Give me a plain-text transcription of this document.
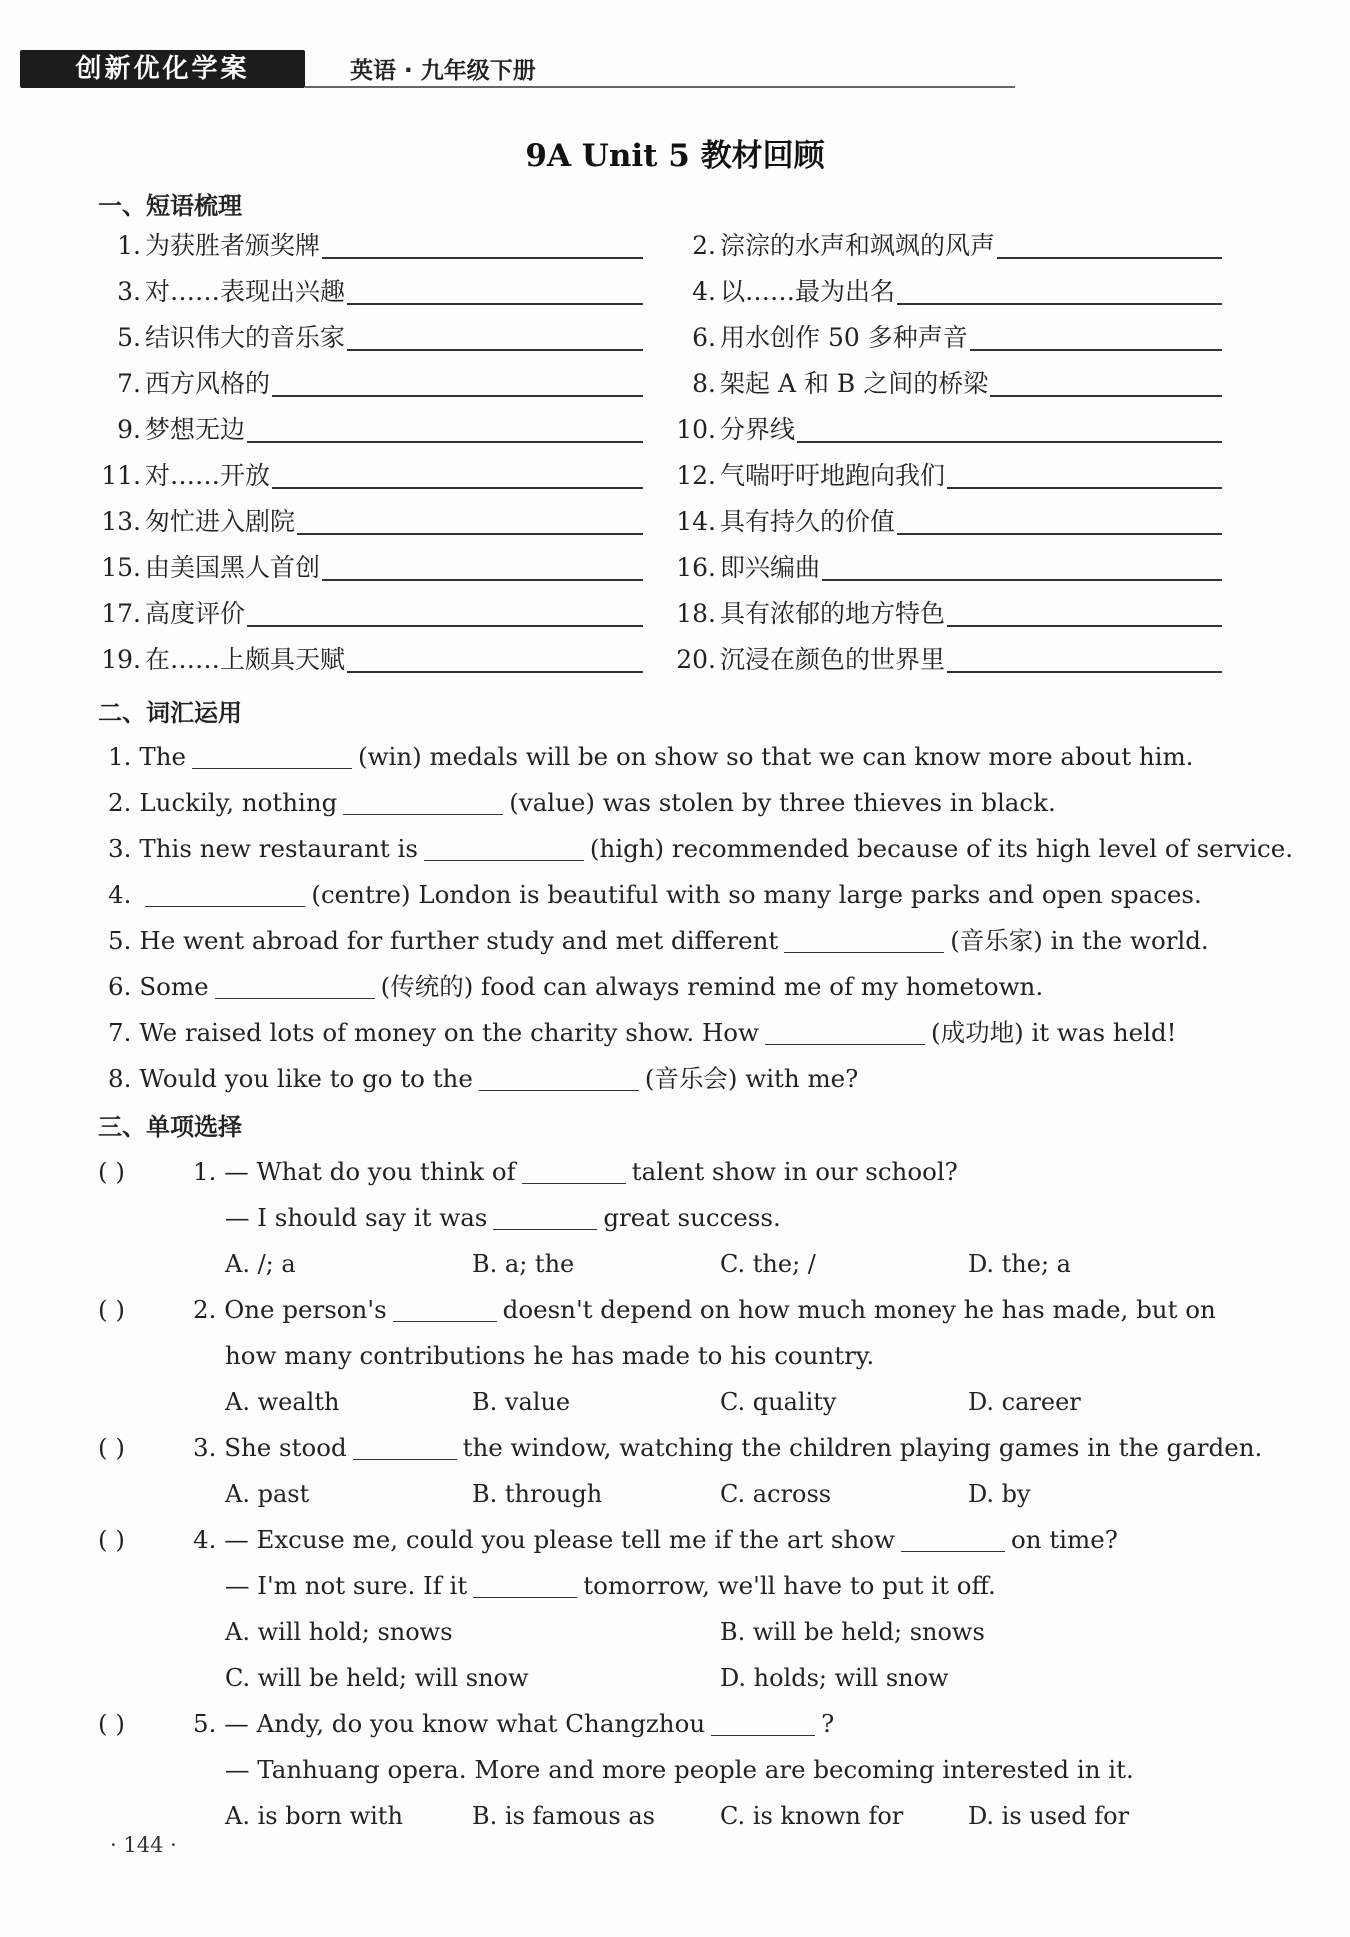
创新优化学案	英语 · 九年级下册
9A Unit 5 教材回顾
一、短语梳理
1. 为获胜者颁奖牌	2. 淙淙的水声和飒飒的风声
3. 对……表现出兴趣	4. 以……最为出名
5. 结识伟大的音乐家	6. 用水创作 50 多种声音
7. 西方风格的	8. 架起 A 和 B 之间的桥梁
9. 梦想无边	10. 分界线
11. 对……开放	12. 气喘吁吁地跑向我们
13. 匆忙进入剧院	14. 具有持久的价值
15. 由美国黑人首创	16. 即兴编曲
17. 高度评价	18. 具有浓郁的地方特色
19. 在……上颇具天赋	20. 沉浸在颜色的世界里
二、词汇运用
1. The	(win) medals will be on show so that we can know more about him.
2. Luckily, nothing	(value) was stolen by three thieves in black.
3. This new restaurant is	(high) recommended because of its high level of service.
4.	(centre) London is beautiful with so many large parks and open spaces.
5. He went abroad for further study and met different	(音乐家) in the world.
6. Some	(传统的) food can always remind me of my hometown.
7. We raised lots of money on the charity show. How	(成功地) it was held!
8. Would you like to go to the	(音乐会) with me?
三、单项选择
( )	1. — What do you think of	talent show in our school?
— I should say it was	great success.
A. /; a	B. a; the	C. the; /	D. the; a
( )	2. One person's	doesn't depend on how much money he has made, but on
how many contributions he has made to his country.
A. wealth	B. value	C. quality	D. career
( )	3. She stood	the window, watching the children playing games in the garden.
A. past	B. through	C. across	D. by
( )	4. — Excuse me, could you please tell me if the art show	on time?
— I'm not sure. If it	tomorrow, we'll have to put it off.
A. will hold; snows	B. will be held; snows
C. will be held; will snow	D. holds; will snow
( )	5. — Andy, do you know what Changzhou	?
— Tanhuang opera. More and more people are becoming interested in it.
A. is born with	B. is famous as	C. is known for	D. is used for
· 144 ·
